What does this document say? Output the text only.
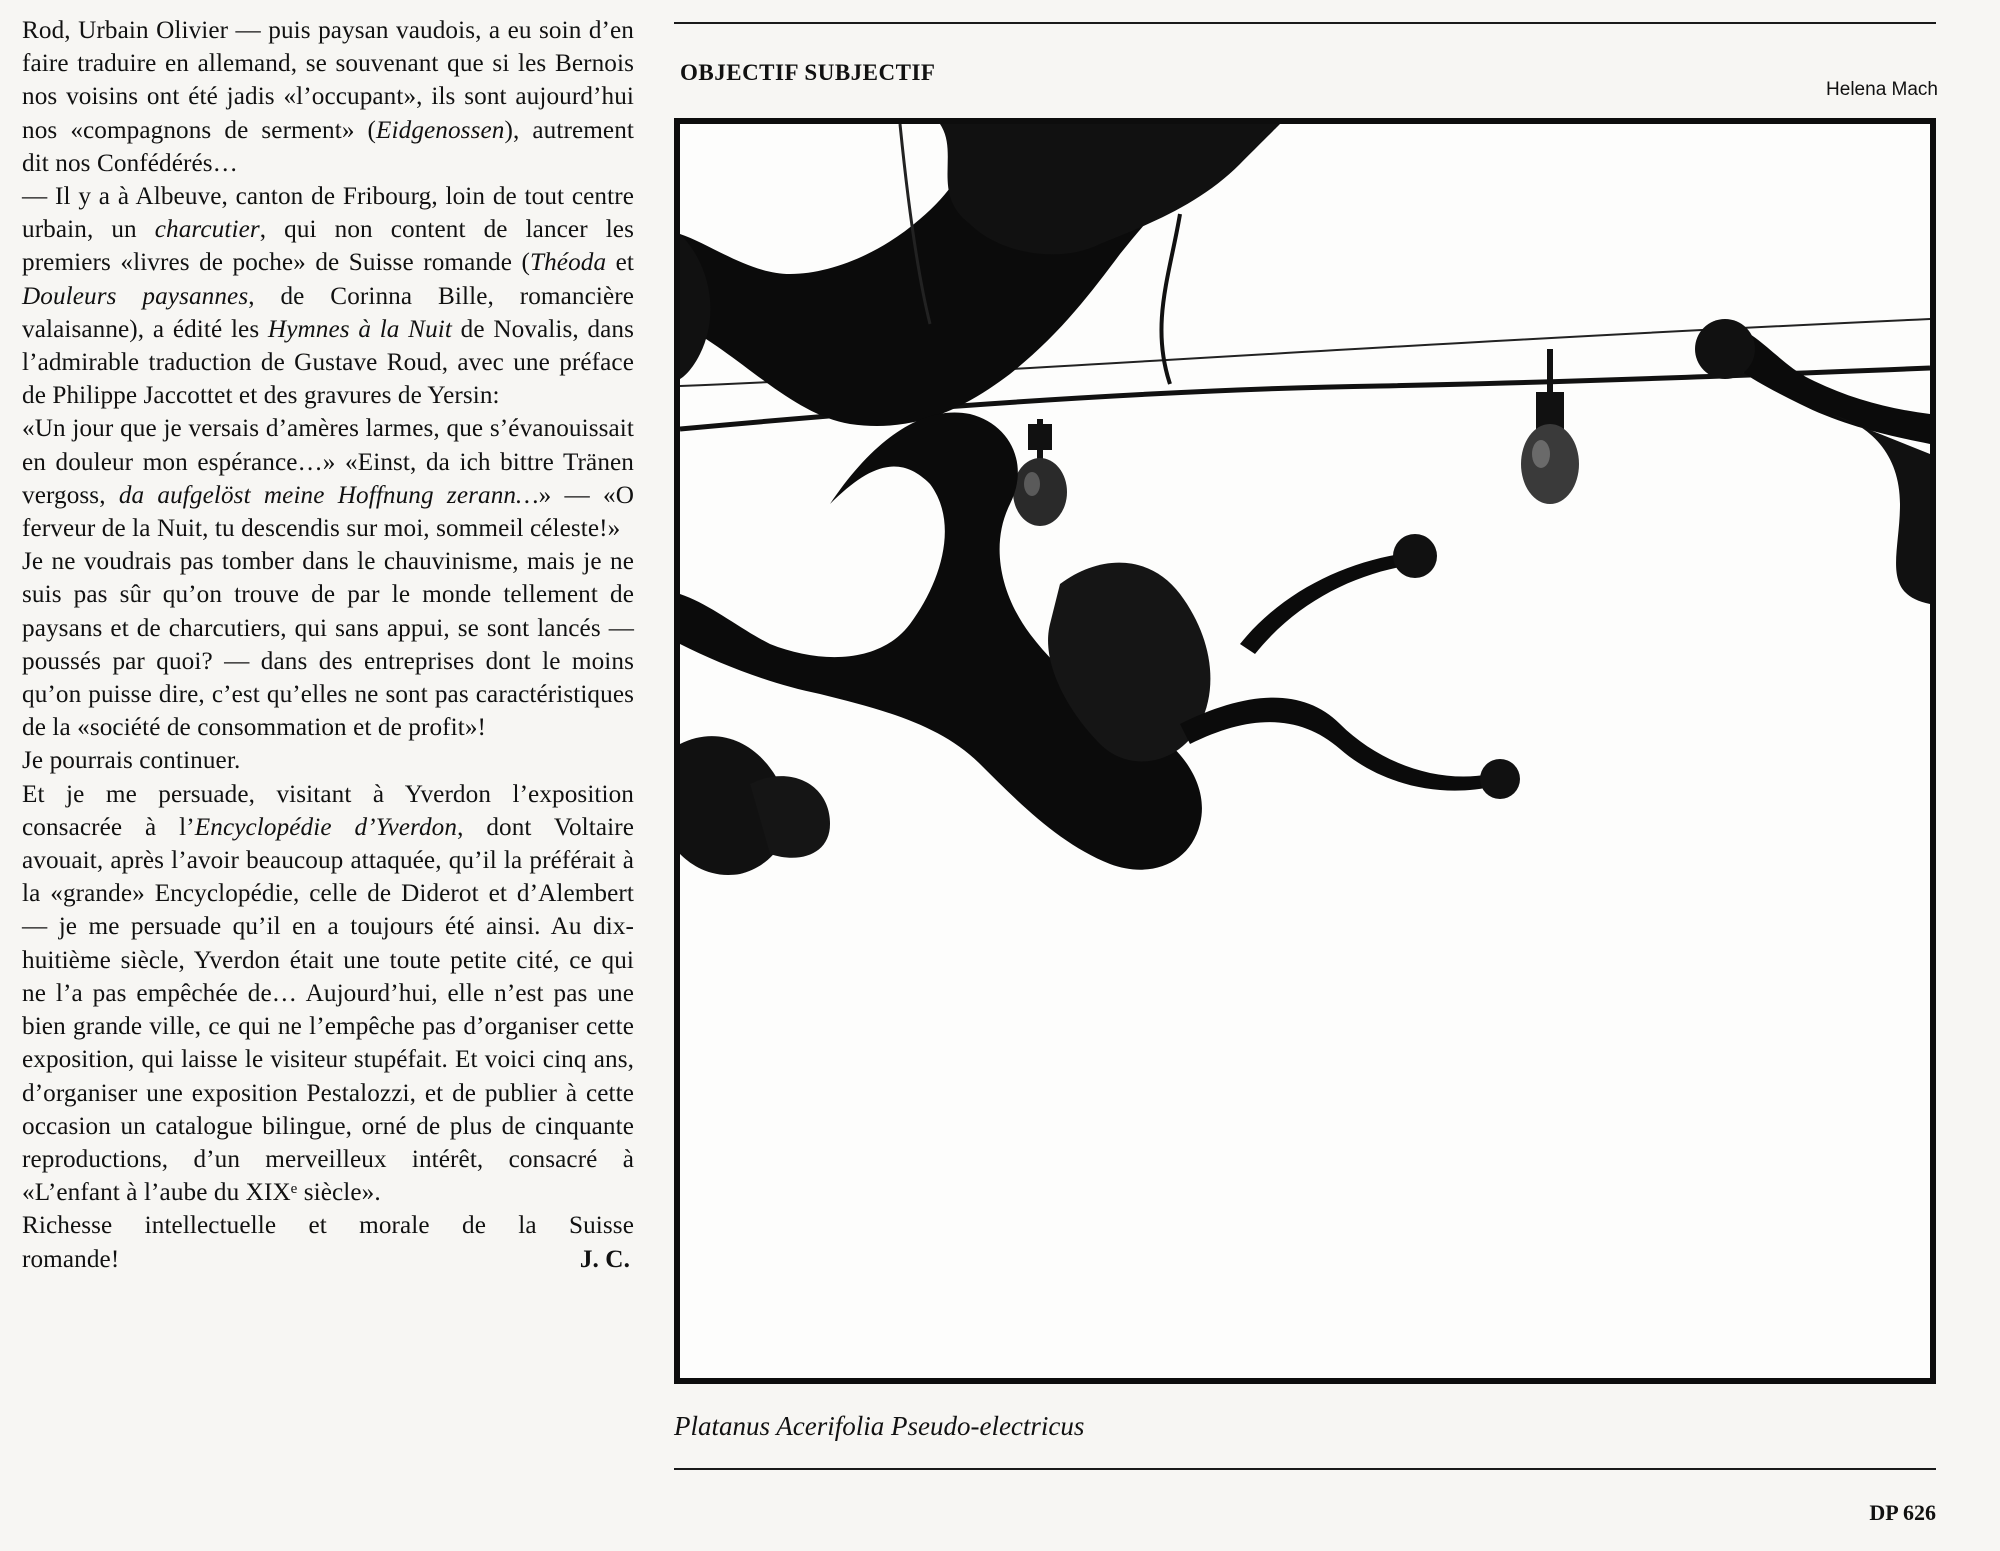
Rod, Urbain Olivier — puis paysan vaudois, a eu soin d’en faire traduire en allemand, se souvenant que si les Bernois nos voisins ont été jadis «l’occupant», ils sont aujourd’hui nos «compagnons de serment» (Eidgenossen), autrement dit nos Confédérés…

— Il y a à Albeuve, canton de Fribourg, loin de tout centre urbain, un charcutier, qui non content de lancer les premiers «livres de poche» de Suisse romande (Théoda et Douleurs paysannes, de Corinna Bille, romancière valaisanne), a édité les Hymnes à la Nuit de Novalis, dans l’admirable traduction de Gustave Roud, avec une préface de Philippe Jaccottet et des gravures de Yersin:

«Un jour que je versais d’amères larmes, que s’évanouissait en douleur mon espérance…» «Einst, da ich bittre Tränen vergoss, da aufgelöst meine Hoffnung zerann…» — «O ferveur de la Nuit, tu descendis sur moi, sommeil céleste!»

Je ne voudrais pas tomber dans le chauvinisme, mais je ne suis pas sûr qu’on trouve de par le monde tellement de paysans et de charcutiers, qui sans appui, se sont lancés — poussés par quoi? — dans des entreprises dont le moins qu’on puisse dire, c’est qu’elles ne sont pas caractéristiques de la «société de consommation et de profit»!

Je pourrais continuer.

Et je me persuade, visitant à Yverdon l’exposition consacrée à l’Encyclopédie d’Yverdon, dont Voltaire avouait, après l’avoir beaucoup attaquée, qu’il la préférait à la «grande» Encyclopédie, celle de Diderot et d’Alembert — je me persuade qu’il en a toujours été ainsi. Au dix-huitième siècle, Yverdon était une toute petite cité, ce qui ne l’a pas empêchée de… Aujourd’hui, elle n’est pas une bien grande ville, ce qui ne l’empêche pas d’organiser cette exposition, qui laisse le visiteur stupéfait. Et voici cinq ans, d’organiser une exposition Pestalozzi, et de publier à cette occasion un catalogue bilingue, orné de plus de cinquante reproductions, d’un merveilleux intérêt, consacré à «L’enfant à l’aube du XIXᵉ siècle».

Richesse intellectuelle et morale de la Suisse
romande!	J. C.
OBJECTIF SUBJECTIF
Helena Mach
Platanus Acerifolia Pseudo-electricus
DP 626
